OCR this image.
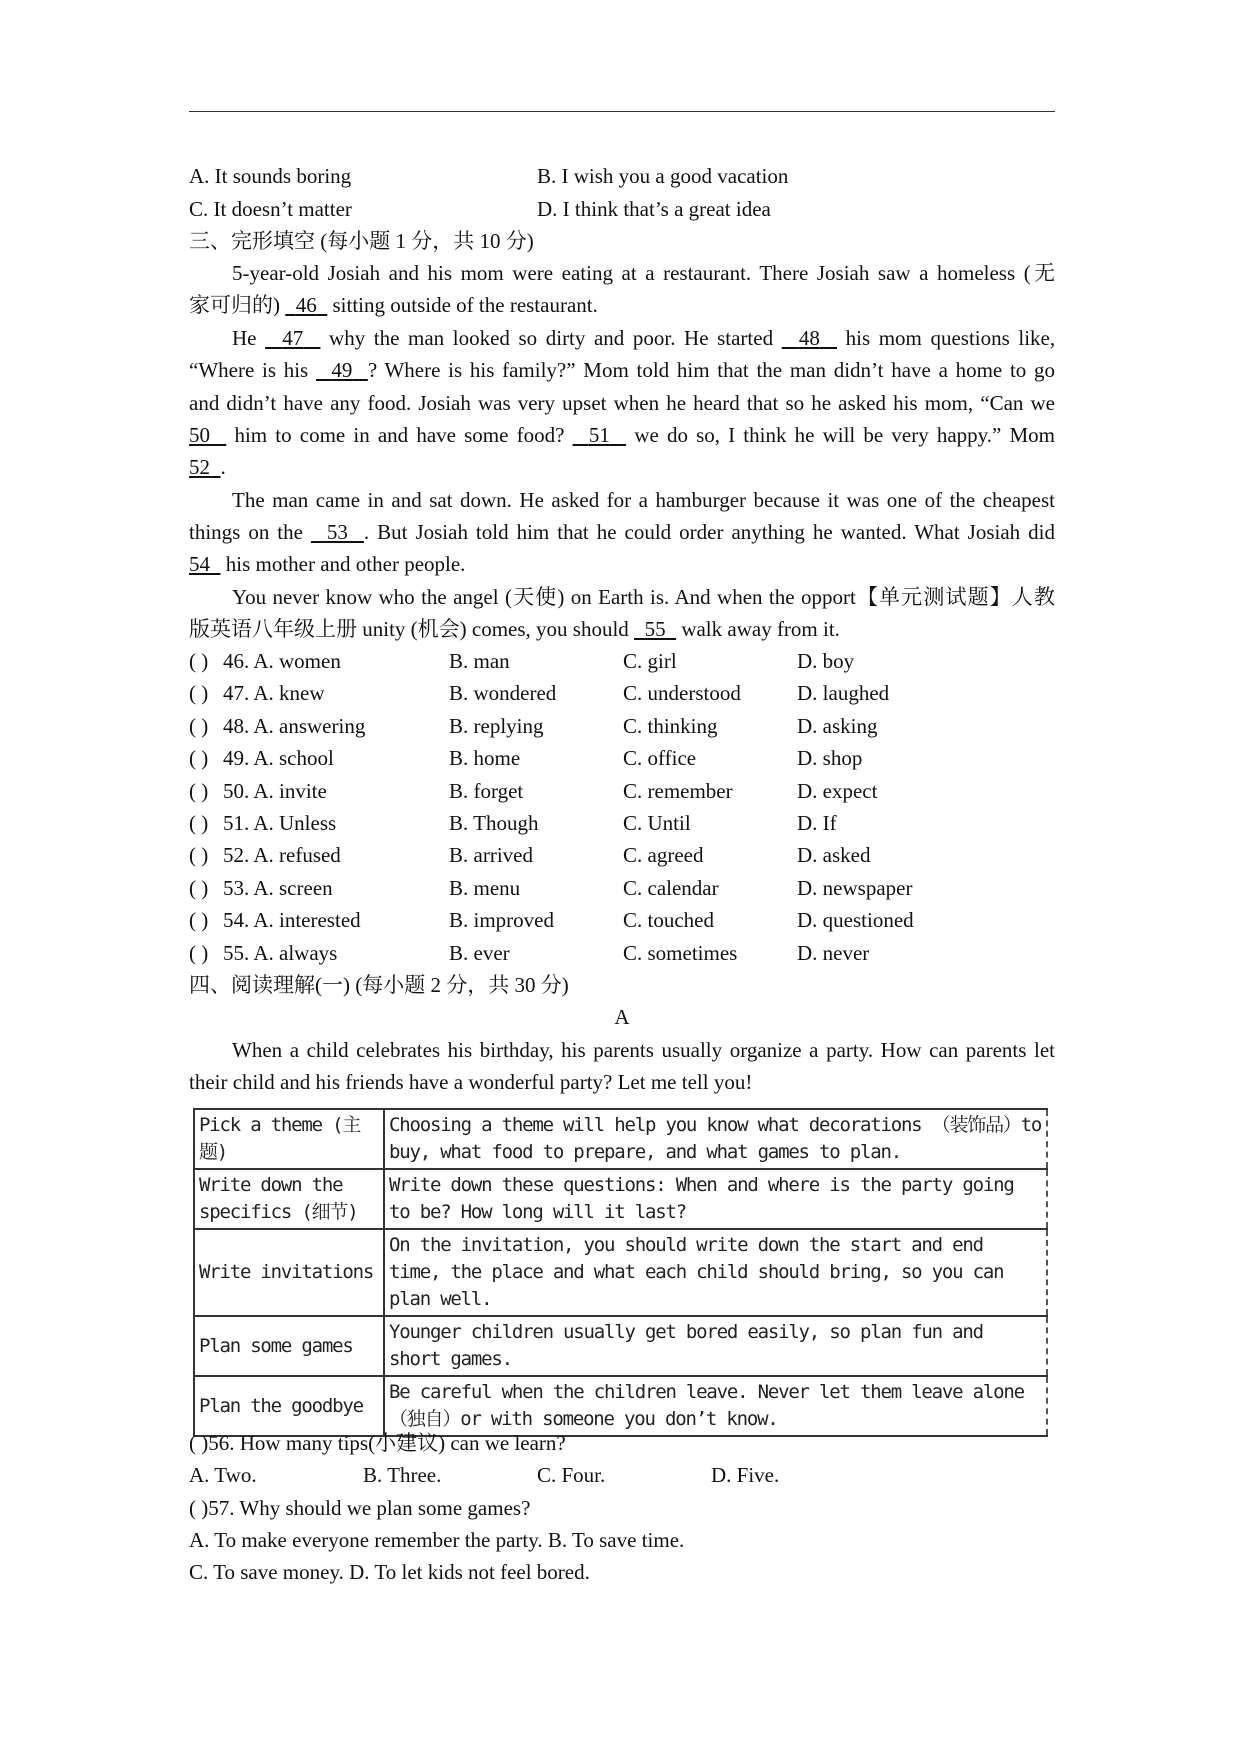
A. It sounds boring	B. I wish you a good vacation
C. It doesn’t matter	D. I think that’s a great idea
三、完形填空 (每小题 1 分，共 10 分)
5-year-old Josiah and his mom were eating at a restaurant. There Josiah saw a homeless (无
家可归的) 46 sitting outside of the restaurant.
He 47 why the man looked so dirty and poor. He started 48 his mom questions like,
“Where is his 49 ? Where is his family?” Mom told him that the man didn’t have a home to go
and didn’t have any food. Josiah was very upset when he heard that so he asked his mom, “Can we
50 him to come in and have some food? 51 we do so, I think he will be very happy.” Mom
52 .
The man came in and sat down. He asked for a hamburger because it was one of the cheapest
things on the 53 . But Josiah told him that he could order anything he wanted. What Josiah did
54 his mother and other people.
You never know who the angel (天使) on Earth is. And when the opport【单元测试题】人教
版英语八年级上册 unity (机会) comes, you should 55 walk away from it.
( ) 46. A. women	B. man	C. girl	D. boy
( ) 47. A. knew	B. wondered	C. understood	D. laughed
( ) 48. A. answering	B. replying	C. thinking	D. asking
( ) 49. A. school	B. home	C. office	D. shop
( ) 50. A. invite	B. forget	C. remember	D. expect
( ) 51. A. Unless	B. Though	C. Until	D. If
( ) 52. A. refused	B. arrived	C. agreed	D. asked
( ) 53. A. screen	B. menu	C. calendar	D. newspaper
( ) 54. A. interested	B. improved	C. touched	D. questioned
( ) 55. A. always	B. ever	C. sometimes	D. never
四、阅读理解(一) (每小题 2 分，共 30 分)
A
When a child celebrates his birthday, his parents usually organize a party. How can parents let
their child and his friends have a wonderful party? Let me tell you!
Pick a theme (主题)	Choosing a theme will help you know what decorations （装饰品）to buy, what food to prepare, and what games to plan.
Write down the specifics (细节)	Write down these questions: When and where is the party going to be? How long will it last?
Write invitations	On the invitation, you should write down the start and end time, the place and what each child should bring, so you can plan well.
Plan some games	Younger children usually get bored easily, so plan fun and short games.
Plan the goodbye	Be careful when the children leave. Never let them leave alone （独自）or with someone you don’t know.
( )56. How many tips(小建议) can we learn?
A. Two.	B. Three.	C. Four.	D. Five.
( )57. Why should we plan some games?
A. To make everyone remember the party. B. To save time.
C. To save money. D. To let kids not feel bored.
